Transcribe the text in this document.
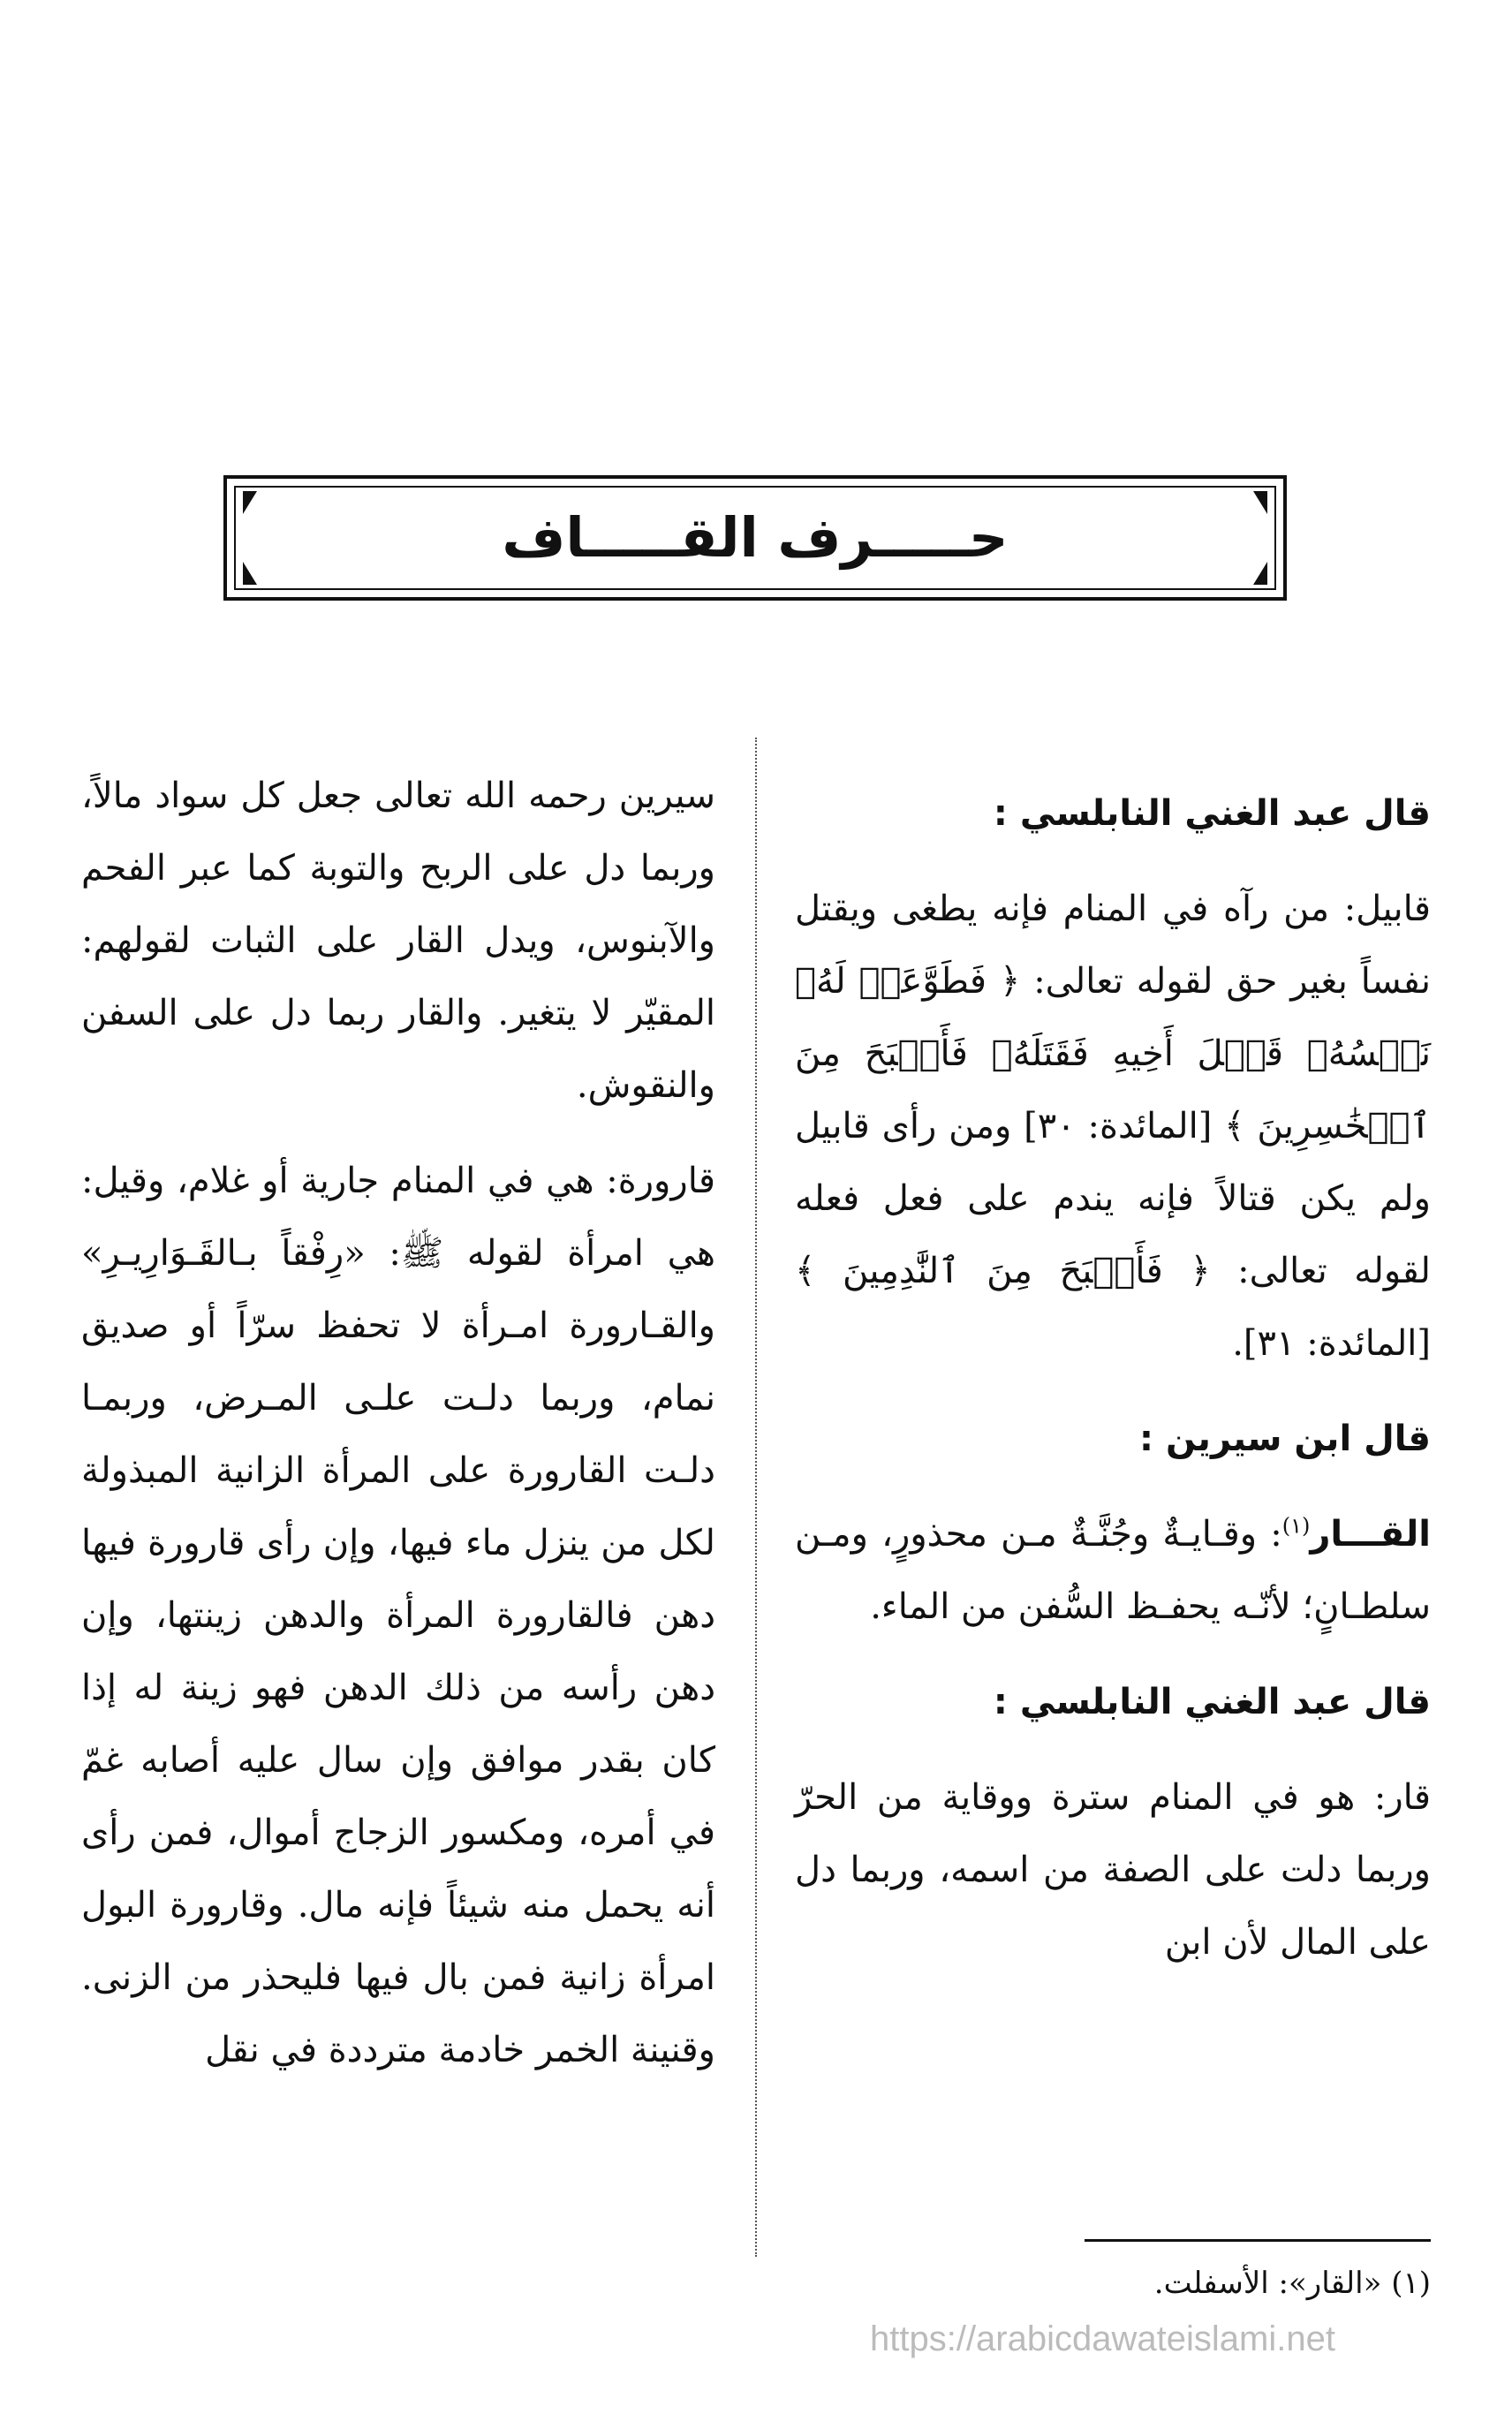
حـــــرف القـــــاف

قال عبد الغني النابلسي :

قابيل: من رآه في المنام فإنه يطغى ويقتل نفساً بغير حق لقوله تعالى: ﴿ فَطَوَّعَتۡ لَهُۥ نَفۡسُهُۥ قَتۡلَ أَخِيهِ فَقَتَلَهُۥ فَأَصۡبَحَ مِنَ ٱلۡخَٰسِرِينَ ﴾ [المائدة: ٣٠] ومن رأى قابيل ولم يكن قتالاً فإنه يندم على فعل فعله لقوله تعالى: ﴿ فَأَصۡبَحَ مِنَ ٱلنَّٰدِمِينَ ﴾ [المائدة: ٣١].

قال ابن سيرين :

القـــار$^{(١)}$: وقـايـةٌ وجُنَّـةٌ مـن محذورٍ، ومـن سلطـانٍ؛ لأنّـه يحفـظ السُّفن من الماء.

قال عبد الغني النابلسي :

قار: هو في المنام سترة ووقاية من الحرّ وربما دلت على الصفة من اسمه، وربما دل على المال لأن ابن

سيرين رحمه الله تعالى جعل كل سواد مالاً، وربما دل على الربح والتوبة كما عبر الفحم والآبنوس، ويدل القار على الثبات لقولهم: المقيّر لا يتغير. والقار ربما دل على السفن والنقوش.

قارورة: هي في المنام جارية أو غلام، وقيل: هي امرأة لقوله ﷺ: «رِفْقاً بـالقَـوَارِيـرِ» والقـارورة امـرأة لا تحفظ سرّاً أو صديق نمام، وربما دلـت علـى المـرض، وربمـا دلـت القارورة على المرأة الزانية المبذولة لكل من ينزل ماء فيها، وإن رأى قارورة فيها دهن فالقارورة المرأة والدهن زينتها، وإن دهن رأسه من ذلك الدهن فهو زينة له إذا كان بقدر موافق وإن سال عليه أصابه غمّ في أمره، ومكسور الزجاج أموال، فمن رأى أنه يحمل منه شيئاً فإنه مال. وقارورة البول امرأة زانية فمن بال فيها فليحذر من الزنى. وقنينة الخمر خادمة مترددة في نقل

(١) «القار»: الأسفلت.
https://arabicdawateislami.net
